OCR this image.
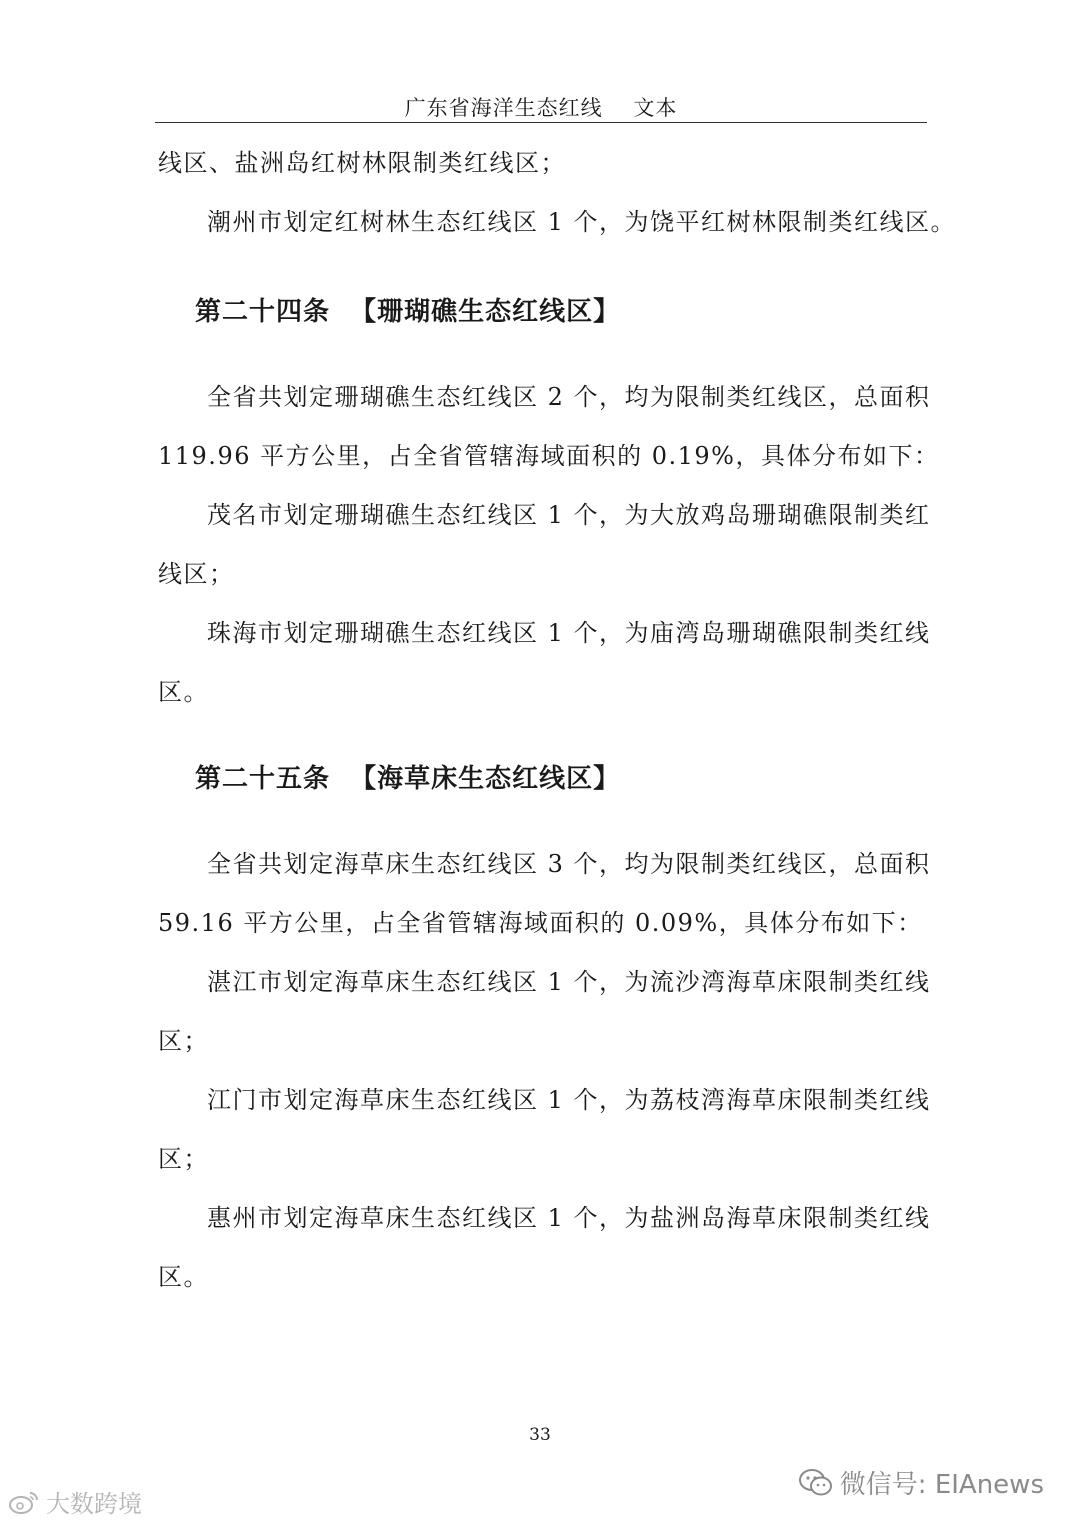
广东省海洋生态红线    文本
线区、盐洲岛红树林限制类红线区；
潮州市划定红树林生态红线区 1 个，为饶平红树林限制类红线区。
第二十四条  【珊瑚礁生态红线区】
全省共划定珊瑚礁生态红线区 2 个，均为限制类红线区，总面积
119.96 平方公里，占全省管辖海域面积的 0.19%，具体分布如下：
茂名市划定珊瑚礁生态红线区 1 个，为大放鸡岛珊瑚礁限制类红
线区；
珠海市划定珊瑚礁生态红线区 1 个，为庙湾岛珊瑚礁限制类红线
区。
第二十五条  【海草床生态红线区】
全省共划定海草床生态红线区 3 个，均为限制类红线区，总面积
59.16 平方公里，占全省管辖海域面积的 0.09%，具体分布如下：
湛江市划定海草床生态红线区 1 个，为流沙湾海草床限制类红线
区；
江门市划定海草床生态红线区 1 个，为荔枝湾海草床限制类红线
区；
惠州市划定海草床生态红线区 1 个，为盐洲岛海草床限制类红线
区。
33
微信号: EIAnews
大数跨境
